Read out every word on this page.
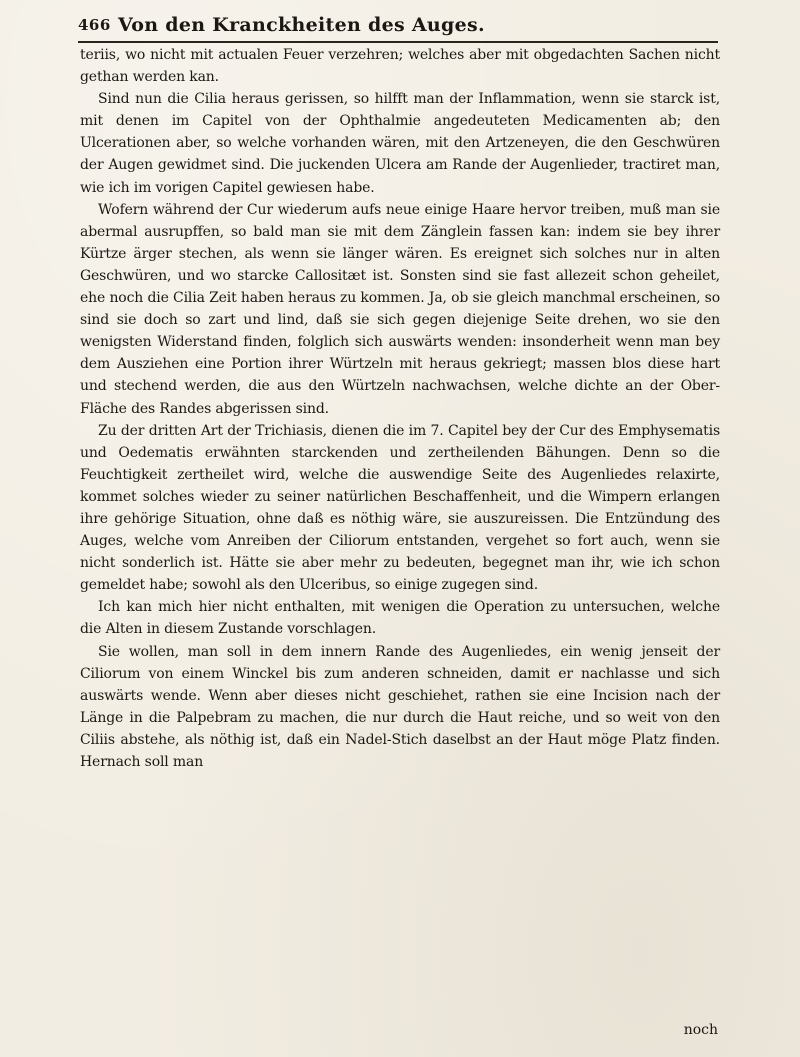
466 Von den Kranckheiten des Auges.

teriis, wo nicht mit actualen Feuer verzehren; welches aber mit obgedachten Sachen nicht gethan werden kan.

Sind nun die Cilia heraus gerissen, so hilfft man der Inflammation, wenn sie starck ist, mit denen im Capitel von der Ophthalmie angedeuteten Medicamenten ab; den Ulcerationen aber, so welche vorhanden wären, mit den Artzeneyen, die den Geschwüren der Augen gewidmet sind. Die juckenden Ulcera am Rande der Augenlieder, tractiret man, wie ich im vorigen Capitel gewiesen habe.

Wofern während der Cur wiederum aufs neue einige Haare hervor treiben, muß man sie abermal ausrupffen, so bald man sie mit dem Zänglein fassen kan: indem sie bey ihrer Kürtze ärger stechen, als wenn sie länger wären. Es ereignet sich solches nur in alten Geschwüren, und wo starcke Callositæt ist. Sonsten sind sie fast allezeit schon geheilet, ehe noch die Cilia Zeit haben heraus zu kommen. Ja, ob sie gleich manchmal erscheinen, so sind sie doch so zart und lind, daß sie sich gegen diejenige Seite drehen, wo sie den wenigsten Widerstand finden, folglich sich auswärts wenden: insonderheit wenn man bey dem Ausziehen eine Portion ihrer Würtzeln mit heraus gekriegt; massen blos diese hart und stechend werden, die aus den Würtzeln nachwachsen, welche dichte an der Ober-Fläche des Randes abgerissen sind.

Zu der dritten Art der Trichiasis, dienen die im 7. Capitel bey der Cur des Emphysematis und Oedematis erwähnten starckenden und zertheilenden Bähungen. Denn so die Feuchtigkeit zertheilet wird, welche die auswendige Seite des Augenliedes relaxirte, kommet solches wieder zu seiner natürlichen Beschaffenheit, und die Wimpern erlangen ihre gehörige Situation, ohne daß es nöthig wäre, sie auszureissen. Die Entzündung des Auges, welche vom Anreiben der Ciliorum entstanden, vergehet so fort auch, wenn sie nicht sonderlich ist. Hätte sie aber mehr zu bedeuten, begegnet man ihr, wie ich schon gemeldet habe; sowohl als den Ulceribus, so einige zugegen sind.

Ich kan mich hier nicht enthalten, mit wenigen die Operation zu untersuchen, welche die Alten in diesem Zustande vorschlagen.

Sie wollen, man soll in dem innern Rande des Augenliedes, ein wenig jenseit der Ciliorum von einem Winckel bis zum anderen schneiden, damit er nachlasse und sich auswärts wende. Wenn aber dieses nicht geschiehet, rathen sie eine Incision nach der Länge in die Palpebram zu machen, die nur durch die Haut reiche, und so weit von den Ciliis abstehe, als nöthig ist, daß ein Nadel-Stich daselbst an der Haut möge Platz finden. Hernach soll man

noch
